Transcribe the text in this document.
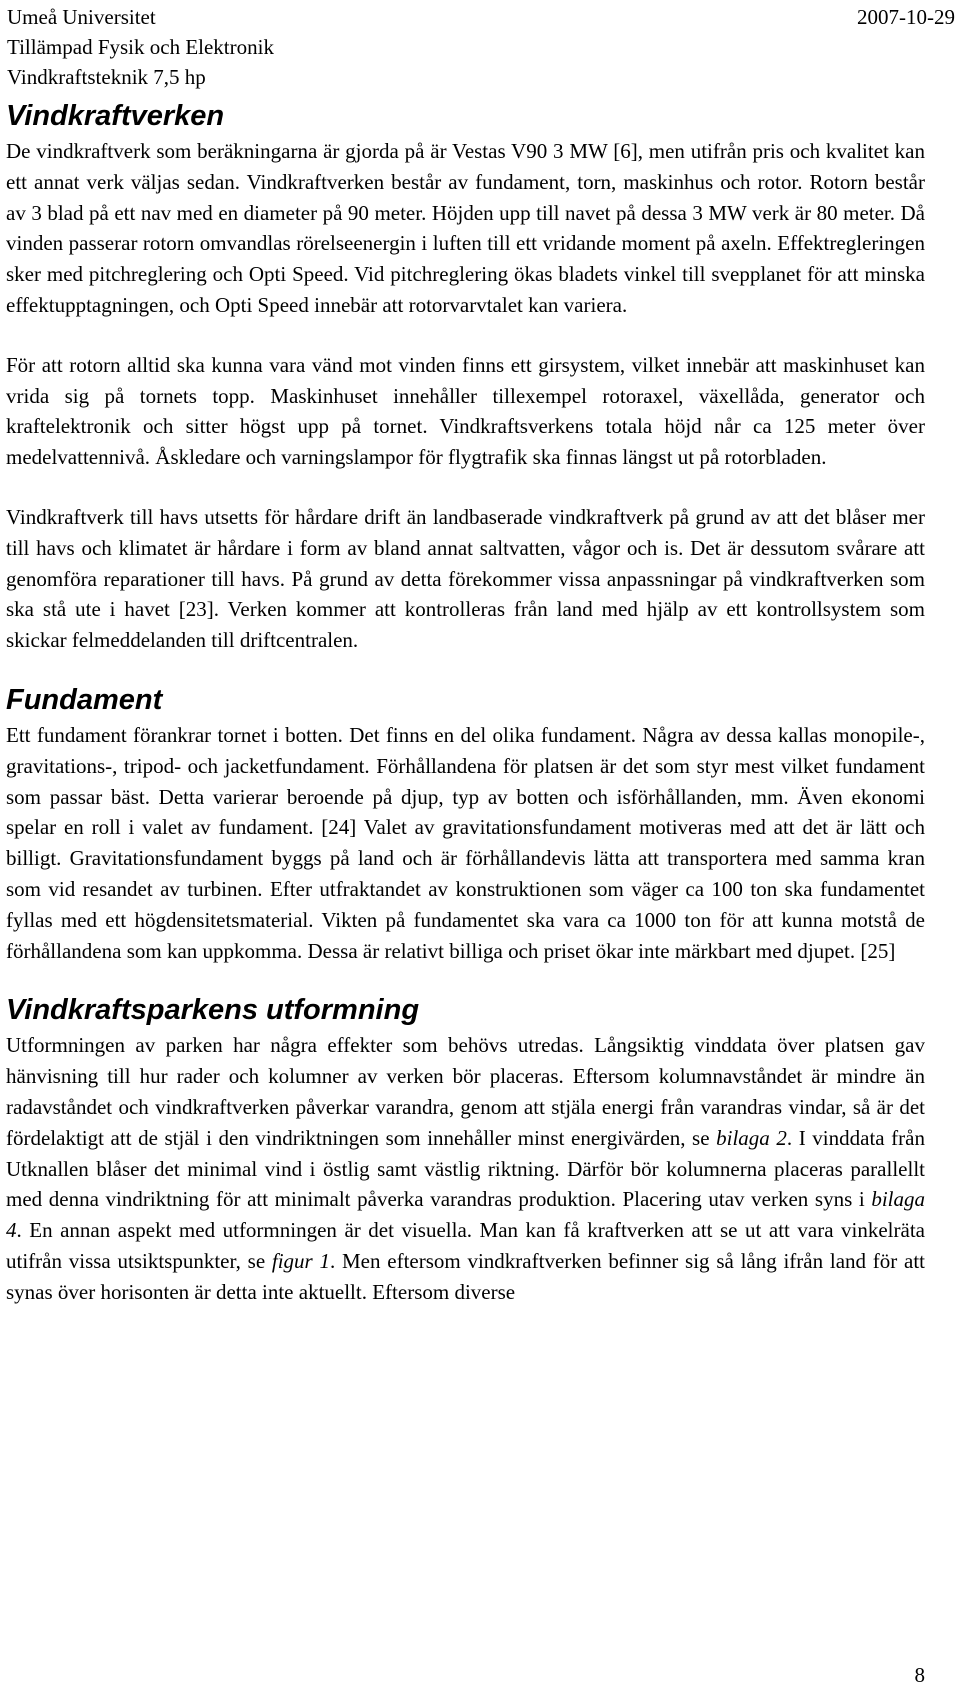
Umeå Universitet
Tillämpad Fysik och Elektronik
Vindkraftsteknik 7,5 hp
2007-10-29
Vindkraftverken

De vindkraftverk som beräkningarna är gjorda på är Vestas V90 3 MW [6], men utifrån pris och kvalitet kan ett annat verk väljas sedan. Vindkraftverken består av fundament, torn, maskinhus och rotor. Rotorn består av 3 blad på ett nav med en diameter på 90 meter. Höjden upp till navet på dessa 3 MW verk är 80 meter. Då vinden passerar rotorn omvandlas rörelseenergin i luften till ett vridande moment på axeln. Effektregleringen sker med pitchreglering och Opti Speed. Vid pitchreglering ökas bladets vinkel till svepplanet för att minska effektupptagningen, och Opti Speed innebär att rotorvarvtalet kan variera.

För att rotorn alltid ska kunna vara vänd mot vinden finns ett girsystem, vilket innebär att maskinhuset kan vrida sig på tornets topp. Maskinhuset innehåller tillexempel rotoraxel, växellåda, generator och kraftelektronik och sitter högst upp på tornet. Vindkraftsverkens totala höjd når ca 125 meter över medelvattennivå. Åskledare och varningslampor för flygtrafik ska finnas längst ut på rotorbladen.

Vindkraftverk till havs utsetts för hårdare drift än landbaserade vindkraftverk på grund av att det blåser mer till havs och klimatet är hårdare i form av bland annat saltvatten, vågor och is. Det är dessutom svårare att genomföra reparationer till havs. På grund av detta förekommer vissa anpassningar på vindkraftverken som ska stå ute i havet [23]. Verken kommer att kontrolleras från land med hjälp av ett kontrollsystem som skickar felmeddelanden till driftcentralen.

Fundament

Ett fundament förankrar tornet i botten. Det finns en del olika fundament. Några av dessa kallas monopile-, gravitations-, tripod- och jacketfundament. Förhållandena för platsen är det som styr mest vilket fundament som passar bäst. Detta varierar beroende på djup, typ av botten och isförhållanden, mm. Även ekonomi spelar en roll i valet av fundament. [24] Valet av gravitationsfundament motiveras med att det är lätt och billigt. Gravitationsfundament byggs på land och är förhållandevis lätta att transportera med samma kran som vid resandet av turbinen. Efter utfraktandet av konstruktionen som väger ca 100 ton ska fundamentet fyllas med ett högdensitetsmaterial. Vikten på fundamentet ska vara ca 1000 ton för att kunna motstå de förhållandena som kan uppkomma. Dessa är relativt billiga och priset ökar inte märkbart med djupet. [25]

Vindkraftsparkens utformning

Utformningen av parken har några effekter som behövs utredas. Långsiktig vinddata över platsen gav hänvisning till hur rader och kolumner av verken bör placeras. Eftersom kolumnavståndet är mindre än radavståndet och vindkraftverken påverkar varandra, genom att stjäla energi från varandras vindar, så är det fördelaktigt att de stjäl i den vindriktningen som innehåller minst energivärden, se bilaga 2. I vinddata från Utknallen blåser det minimal vind i östlig samt västlig riktning. Därför bör kolumnerna placeras parallellt med denna vindriktning för att minimalt påverka varandras produktion. Placering utav verken syns i bilaga 4. En annan aspekt med utformningen är det visuella. Man kan få kraftverken att se ut att vara vinkelräta utifrån vissa utsiktspunkter, se figur 1. Men eftersom vindkraftverken befinner sig så lång ifrån land för att synas över horisonten är detta inte aktuellt. Eftersom diverse

8
